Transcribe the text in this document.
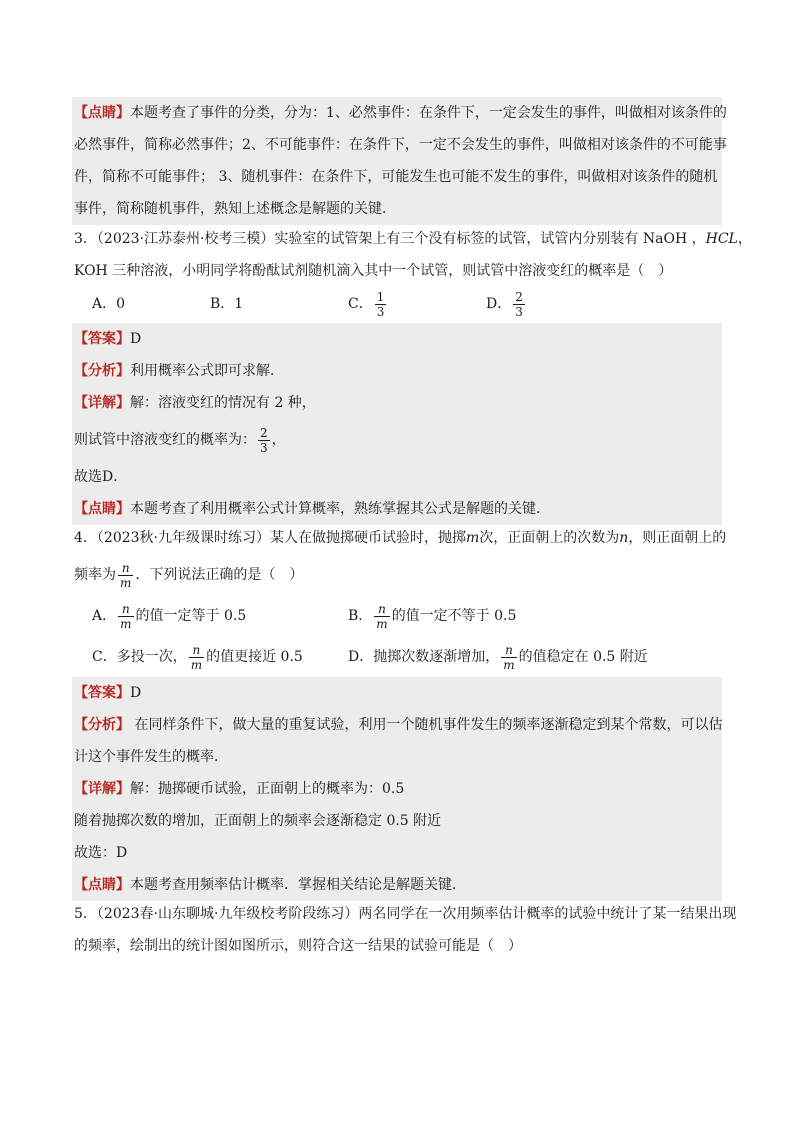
【点睛】本题考查了事件的分类，分为：1、必然事件：在条件下，一定会发生的事件，叫做相对该条件的
必然事件，简称必然事件；2、不可能事件：在条件下，一定不会发生的事件，叫做相对该条件的不可能事
件，简称不可能事件； 3、随机事件：在条件下，可能发生也可能不发生的事件，叫做相对该条件的随机
事件，简称随机事件，熟知上述概念是解题的关键．
3．（2023·江苏泰州·校考三模）实验室的试管架上有三个没有标签的试管，试管内分别装有 NaOH ，HCL，
KOH 三种溶液，小明同学将酚酞试剂随机滴入其中一个试管，则试管中溶液变红的概率是（　）
A．0	B．1	C． $\frac{1}{3}$	D． $\frac{2}{3}$
【答案】D
【分析】利用概率公式即可求解．
【详解】解：溶液变红的情况有 2 种，
则试管中溶液变红的概率为： $\frac{2}{3}$ ，
故选D．
【点睛】本题考查了利用概率公式计算概率，熟练掌握其公式是解题的关键．
4．（2023秋·九年级课时练习）某人在做抛掷硬币试验时，抛掷m次，正面朝上的次数为n，则正面朝上的
频率为 $\frac{n}{m}$ ．下列说法正确的是（　）
A． $\frac{n}{m}$ 的值一定等于 0.5	B． $\frac{n}{m}$ 的值一定不等于 0.5
C．多投一次， $\frac{n}{m}$ 的值更接近 0.5	D．抛掷次数逐渐增加， $\frac{n}{m}$ 的值稳定在 0.5 附近
【答案】D
【分析】 在同样条件下，做大量的重复试验，利用一个随机事件发生的频率逐渐稳定到某个常数，可以估
计这个事件发生的概率．
【详解】解：抛掷硬币试验，正面朝上的概率为：0.5
随着抛掷次数的增加，正面朝上的频率会逐渐稳定 0.5 附近
故选：D
【点睛】本题考查用频率估计概率．掌握相关结论是解题关键．
5．（2023春·山东聊城·九年级校考阶段练习）两名同学在一次用频率估计概率的试验中统计了某一结果出现
的频率，绘制出的统计图如图所示，则符合这一结果的试验可能是（　）
